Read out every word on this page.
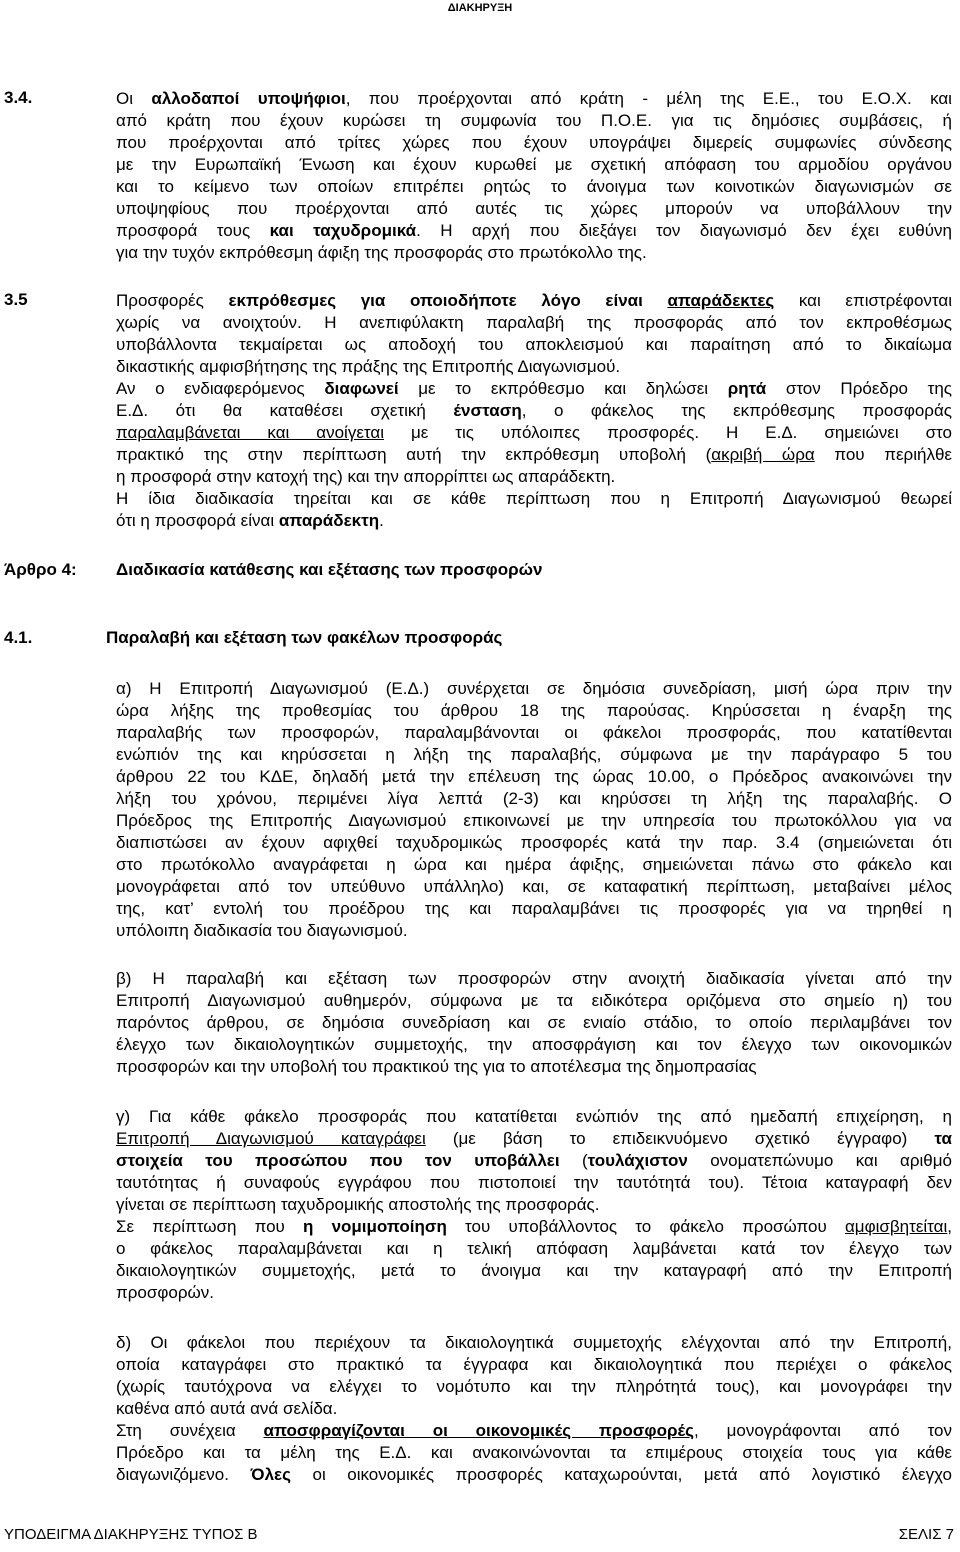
ΔΙΑΚΗΡΥΞΗ
3.4.	Οι αλλοδαποί υποψήφιοι, που προέρχονται από κράτη - μέλη της Ε.Ε., του Ε.Ο.Χ. και
από κράτη που έχουν κυρώσει τη συμφωνία του Π.Ο.Ε. για τις δημόσιες συμβάσεις, ή
που προέρχονται από τρίτες χώρες που έχουν υπογράψει διμερείς συμφωνίες σύνδεσης
με την Ευρωπαϊκή Ένωση και έχουν κυρωθεί με σχετική απόφαση του αρμοδίου οργάνου
και το κείμενο των οποίων επιτρέπει ρητώς το άνοιγμα των κοινοτικών διαγωνισμών σε
υποψηφίους που προέρχονται από αυτές τις χώρες μπορούν να υποβάλλουν την
προσφορά τους και ταχυδρομικά. Η αρχή που διεξάγει τον διαγωνισμό δεν έχει ευθύνη
για την τυχόν εκπρόθεσμη άφιξη της προσφοράς στο πρωτόκολλο της.
3.5	Προσφορές εκπρόθεσμες για οποιοδήποτε λόγο είναι απαράδεκτες και επιστρέφονται
χωρίς να ανοιχτούν. Η ανεπιφύλακτη παραλαβή της προσφοράς από τον εκπροθέσμως
υποβάλλοντα τεκμαίρεται ως αποδοχή του αποκλεισμού και παραίτηση από το δικαίωμα
δικαστικής αμφισβήτησης της πράξης της Επιτροπής Διαγωνισμού.
Αν ο ενδιαφερόμενος διαφωνεί με το εκπρόθεσμο και δηλώσει ρητά στον Πρόεδρο της
Ε.Δ. ότι θα καταθέσει σχετική ένσταση, ο φάκελος της εκπρόθεσμης προσφοράς
παραλαμβάνεται και ανοίγεται με τις υπόλοιπες προσφορές. Η Ε.Δ. σημειώνει στο
πρακτικό της στην περίπτωση αυτή την εκπρόθεσμη υποβολή (ακριβή ώρα που περιήλθε
η προσφορά στην κατοχή της) και την απορρίπτει ως απαράδεκτη.
Η ίδια διαδικασία τηρείται και σε κάθε περίπτωση που η Επιτροπή Διαγωνισμού θεωρεί
ότι η προσφορά είναι απαράδεκτη.
Άρθρο 4: Διαδικασία κατάθεσης και εξέτασης των προσφορών
4.1.	Παραλαβή και εξέταση των φακέλων προσφοράς
α) Η Επιτροπή Διαγωνισμού (Ε.Δ.) συνέρχεται σε δημόσια συνεδρίαση, μισή ώρα πριν την
ώρα λήξης της προθεσμίας του άρθρου 18 της παρούσας. Κηρύσσεται η έναρξη της
παραλαβής των προσφορών, παραλαμβάνονται οι φάκελοι προσφοράς, που κατατίθενται
ενώπιόν της και κηρύσσεται η λήξη της παραλαβής, σύμφωνα με την παράγραφο 5 του
άρθρου 22 του ΚΔΕ, δηλαδή μετά την επέλευση της ώρας 10.00, ο Πρόεδρος ανακοινώνει την
λήξη του χρόνου, περιμένει λίγα λεπτά (2-3) και κηρύσσει τη λήξη της παραλαβής. Ο
Πρόεδρος της Επιτροπής Διαγωνισμού επικοινωνεί με την υπηρεσία του πρωτοκόλλου για να
διαπιστώσει αν έχουν αφιχθεί ταχυδρομικώς προσφορές κατά την παρ. 3.4 (σημειώνεται ότι
στο πρωτόκολλο αναγράφεται η ώρα και ημέρα άφιξης, σημειώνεται πάνω στο φάκελο και
μονογράφεται από τον υπεύθυνο υπάλληλο) και, σε καταφατική περίπτωση, μεταβαίνει μέλος
της, κατ’ εντολή του προέδρου της και παραλαμβάνει τις προσφορές για να τηρηθεί η
υπόλοιπη διαδικασία του διαγωνισμού.
β) Η παραλαβή και εξέταση των προσφορών στην ανοιχτή διαδικασία γίνεται από την
Επιτροπή Διαγωνισμού αυθημερόν, σύμφωνα με τα ειδικότερα οριζόμενα στο σημείο η) του
παρόντος άρθρου, σε δημόσια συνεδρίαση και σε ενιαίο στάδιο, το οποίο περιλαμβάνει τον
έλεγχο των δικαιολογητικών συμμετοχής, την αποσφράγιση και τον έλεγχο των οικονομικών
προσφορών και την υποβολή του πρακτικού της για το αποτέλεσμα της δημοπρασίας
γ) Για κάθε φάκελο προσφοράς που κατατίθεται ενώπιόν της από ημεδαπή επιχείρηση, η
Επιτροπή Διαγωνισμού καταγράφει (με βάση το επιδεικνυόμενο σχετικό έγγραφο) τα
στοιχεία του προσώπου που τον υποβάλλει (τουλάχιστον ονοματεπώνυμο και αριθμό
ταυτότητας ή συναφούς εγγράφου που πιστοποιεί την ταυτότητά του). Τέτοια καταγραφή δεν
γίνεται σε περίπτωση ταχυδρομικής αποστολής της προσφοράς.
Σε περίπτωση που η νομιμοποίηση του υποβάλλοντος το φάκελο προσώπου αμφισβητείται,
ο φάκελος παραλαμβάνεται και η τελική απόφαση λαμβάνεται κατά τον έλεγχο των
δικαιολογητικών συμμετοχής, μετά το άνοιγμα και την καταγραφή από την Επιτροπή
προσφορών.
δ) Οι φάκελοι που περιέχουν τα δικαιολογητικά συμμετοχής ελέγχονται από την Επιτροπή,
οποία καταγράφει στο πρακτικό τα έγγραφα και δικαιολογητικά που περιέχει ο φάκελος
(χωρίς ταυτόχρονα να ελέγχει το νομότυπο και την πληρότητά τους), και μονογράφει την
καθένα από αυτά ανά σελίδα.
Στη συνέχεια αποσφραγίζονται οι οικονομικές προσφορές, μονογράφονται από τον
Πρόεδρο και τα μέλη της Ε.Δ. και ανακοινώνονται τα επιμέρους στοιχεία τους για κάθε
διαγωνιζόμενο. Όλες οι οικονομικές προσφορές καταχωρούνται, μετά από λογιστικό έλεγχο
ΥΠΟΔΕΙΓΜΑ ΔΙΑΚΗΡΥΞΗΣ ΤΥΠΟΣ Β	ΣΕΛΙΣ 7
